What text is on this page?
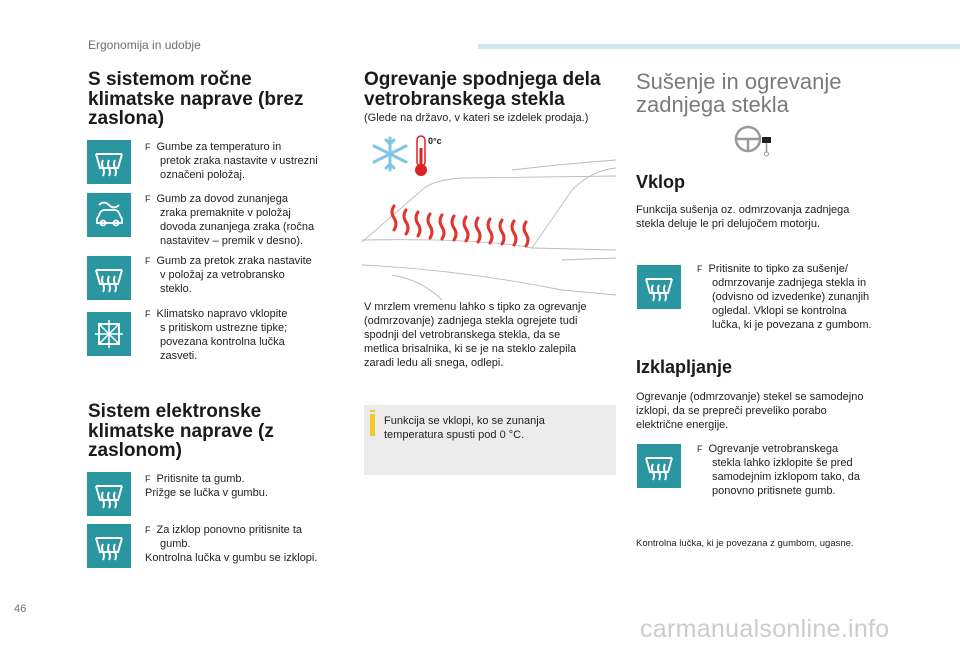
Ergonomija in udobje
46
carmanualsonline.info
S sistemom ročne
klimatske naprave (brez
zaslona)
F Gumbe za temperaturo in
pretok zraka nastavite v ustrezni
označeni položaj.
F Gumb za dovod zunanjega
zraka premaknite v položaj
dovoda zunanjega zraka (ročna
nastavitev – premik v desno).
F Gumb za pretok zraka nastavite
v položaj za vetrobransko
steklo.
F Klimatsko napravo vklopite
s pritiskom ustrezne tipke;
povezana kontrolna lučka
zasveti.
Sistem elektronske
klimatske naprave (z
zaslonom)
F Pritisnite ta gumb.
Prižge se lučka v gumbu.
F Za izklop ponovno pritisnite ta
gumb.
Kontrolna lučka v gumbu se izklopi.
Ogrevanje spodnjega dela
vetrobranskega stekla
(Glede na državo, v kateri se izdelek prodaja.)
0°c
V mrzlem vremenu lahko s tipko za ogrevanje
(odmrzovanje) zadnjega stekla ogrejete tudi
spodnji del vetrobranskega stekla, da se
metlica brisalnika, ki se je na steklo zalepila
zaradi ledu ali snega, odlepi.
Funkcija se vklopi, ko se zunanja
temperatura spusti pod 0 °C.
Sušenje in ogrevanje
zadnjega stekla
Vklop
Funkcija sušenja oz. odmrzovanja zadnjega
stekla deluje le pri delujočem motorju.
F Pritisnite to tipko za sušenje/
odmrzovanje zadnjega stekla in
(odvisno od izvedenke) zunanjih
ogledal. Vklopi se kontrolna
lučka, ki je povezana z gumbom.
Izklapljanje
Ogrevanje (odmrzovanje) stekel se samodejno
izklopi, da se prepreči preveliko porabo
električne energije.
F Ogrevanje vetrobranskega
stekla lahko izklopite še pred
samodejnim izklopom tako, da
ponovno pritisnete gumb.
Kontrolna lučka, ki je povezana z gumbom, ugasne.
